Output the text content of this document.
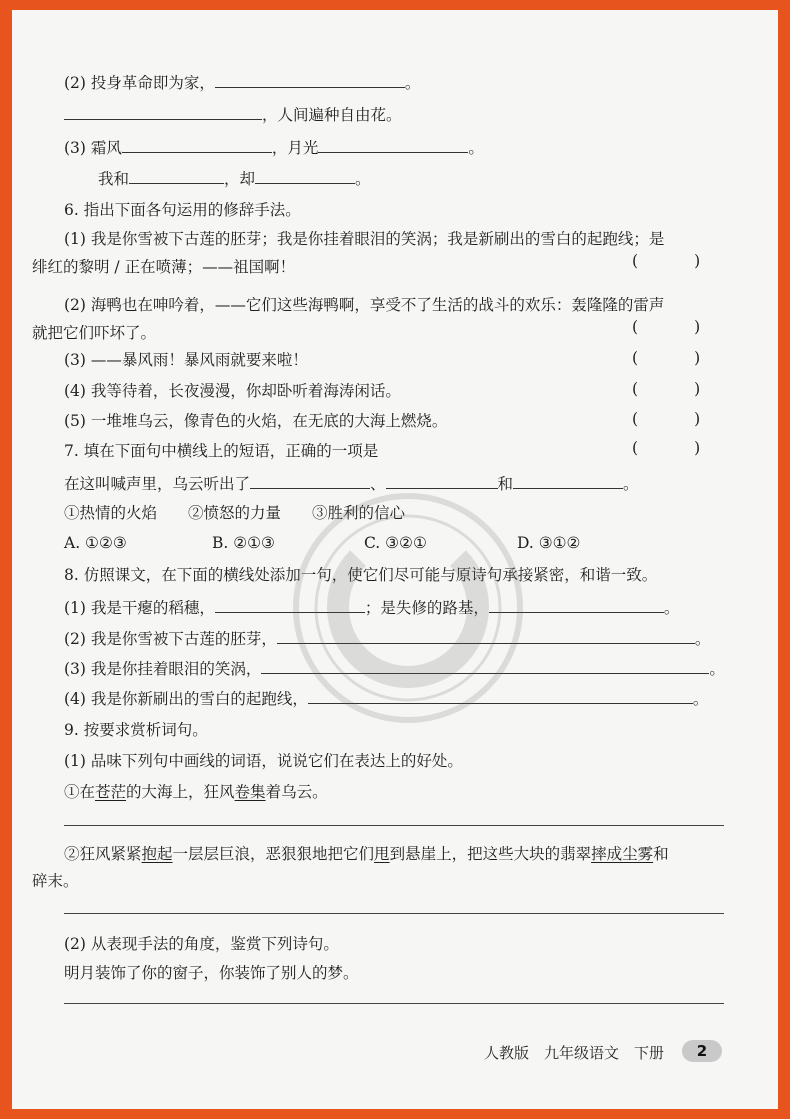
(2) 投身革命即为家，	。
，人间遍种自由花。
(3) 霜风	，月光	。
我和	，却	。
6. 指出下面各句运用的修辞手法。
(1) 我是你雪被下古莲的胚芽；我是你挂着眼泪的笑涡；我是新刷出的雪白的起跑线；是
绯红的黎明 / 正在喷薄；——祖国啊！	(	)
(2) 海鸭也在呻吟着，——它们这些海鸭啊，享受不了生活的战斗的欢乐：轰隆隆的雷声
就把它们吓坏了。	(	)
(3) ——暴风雨！暴风雨就要来啦！	(	)
(4) 我等待着，长夜漫漫，你却卧听着海涛闲话。	(	)
(5) 一堆堆乌云，像青色的火焰，在无底的大海上燃烧。	(	)
7. 填在下面句中横线上的短语，正确的一项是	(	)
在这叫喊声里，乌云听出了	、	和	。
①热情的火焰　　②愤怒的力量　　③胜利的信心
A. ①②③	B. ②①③	C. ③②①	D. ③①②
8. 仿照课文，在下面的横线处添加一句，使它们尽可能与原诗句承接紧密，和谐一致。
(1) 我是干瘪的稻穗，	；是失修的路基，	。
(2) 我是你雪被下古莲的胚芽，	。
(3) 我是你挂着眼泪的笑涡，	。
(4) 我是你新刷出的雪白的起跑线，	。
9. 按要求赏析词句。
(1) 品味下列句中画线的词语，说说它们在表达上的好处。
①在苍茫的大海上，狂风卷集着乌云。
②狂风紧紧抱起一层层巨浪，恶狠狠地把它们甩到悬崖上，把这些大块的翡翠摔成尘雾和
碎末。
(2) 从表现手法的角度，鉴赏下列诗句。
明月装饰了你的窗子，你装饰了别人的梦。
人教版　九年级语文　下册	2
